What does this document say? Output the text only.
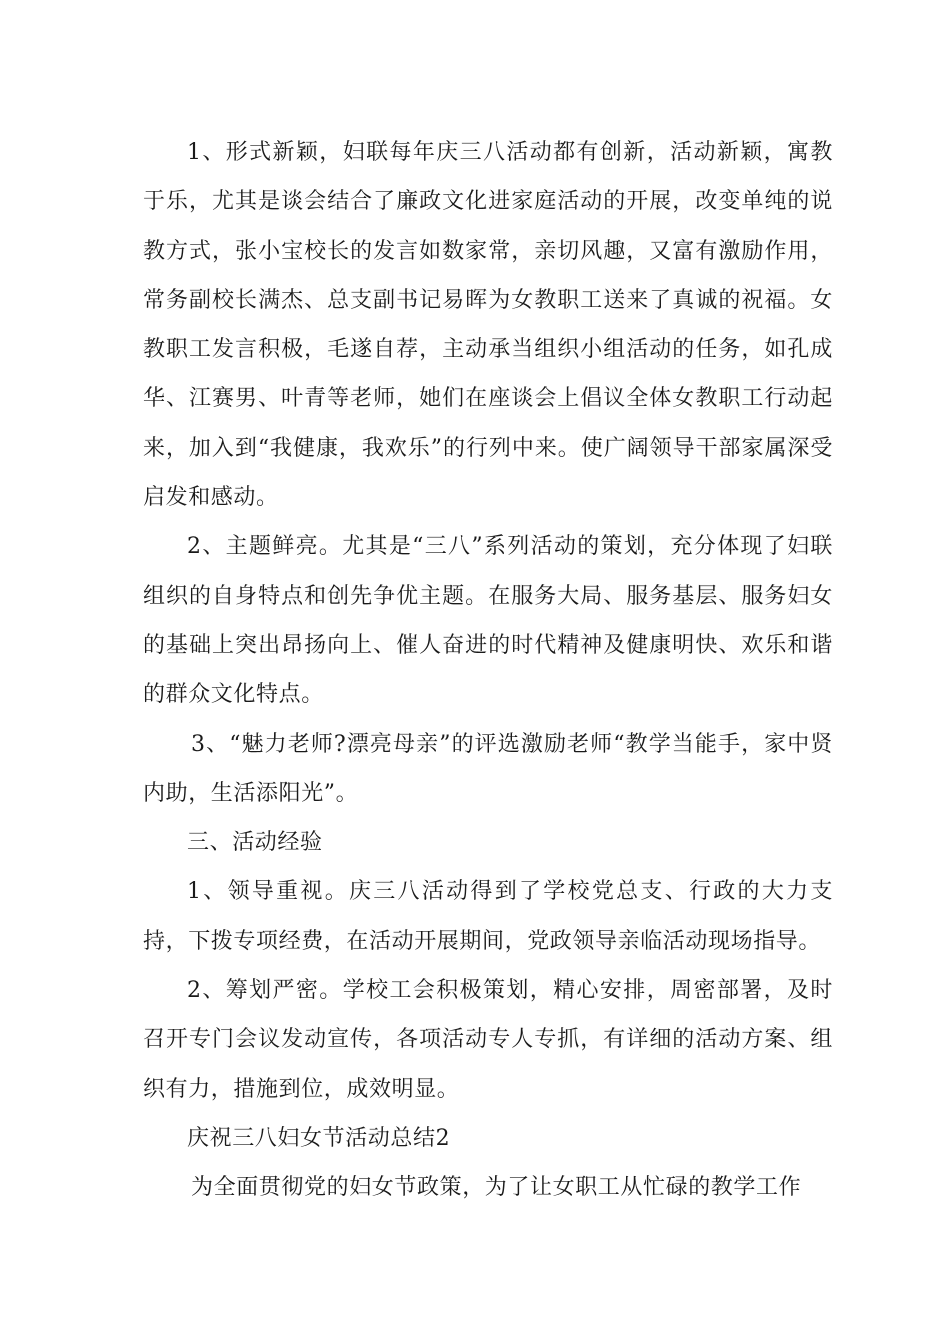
1、形式新颖，妇联每年庆三八活动都有创新，活动新颖，寓教于乐，尤其是谈会结合了廉政文化进家庭活动的开展，改变单纯的说教方式，张小宝校长的发言如数家常，亲切风趣，又富有激励作用，常务副校长满杰、总支副书记易晖为女教职工送来了真诚的祝福。女教职工发言积极，毛遂自荐，主动承当组织小组活动的任务，如孔成华、江赛男、叶青等老师，她们在座谈会上倡议全体女教职工行动起来，加入到“我健康，我欢乐”的行列中来。使广阔领导干部家属深受启发和感动。

2、主题鲜亮。尤其是“三八”系列活动的策划，充分体现了妇联组织的自身特点和创先争优主题。在服务大局、服务基层、服务妇女的基础上突出昂扬向上、催人奋进的时代精神及健康明快、欢乐和谐的群众文化特点。

3、“魅力老师?漂亮母亲”的评选激励老师“教学当能手，家中贤内助，生活添阳光”。

三、活动经验

1、领导重视。庆三八活动得到了学校党总支、行政的大力支持，下拨专项经费，在活动开展期间，党政领导亲临活动现场指导。

2、筹划严密。学校工会积极策划，精心安排，周密部署，及时召开专门会议发动宣传，各项活动专人专抓，有详细的活动方案、组织有力，措施到位，成效明显。

庆祝三八妇女节活动总结2

为全面贯彻党的妇女节政策，为了让女职工从忙碌的教学工作
